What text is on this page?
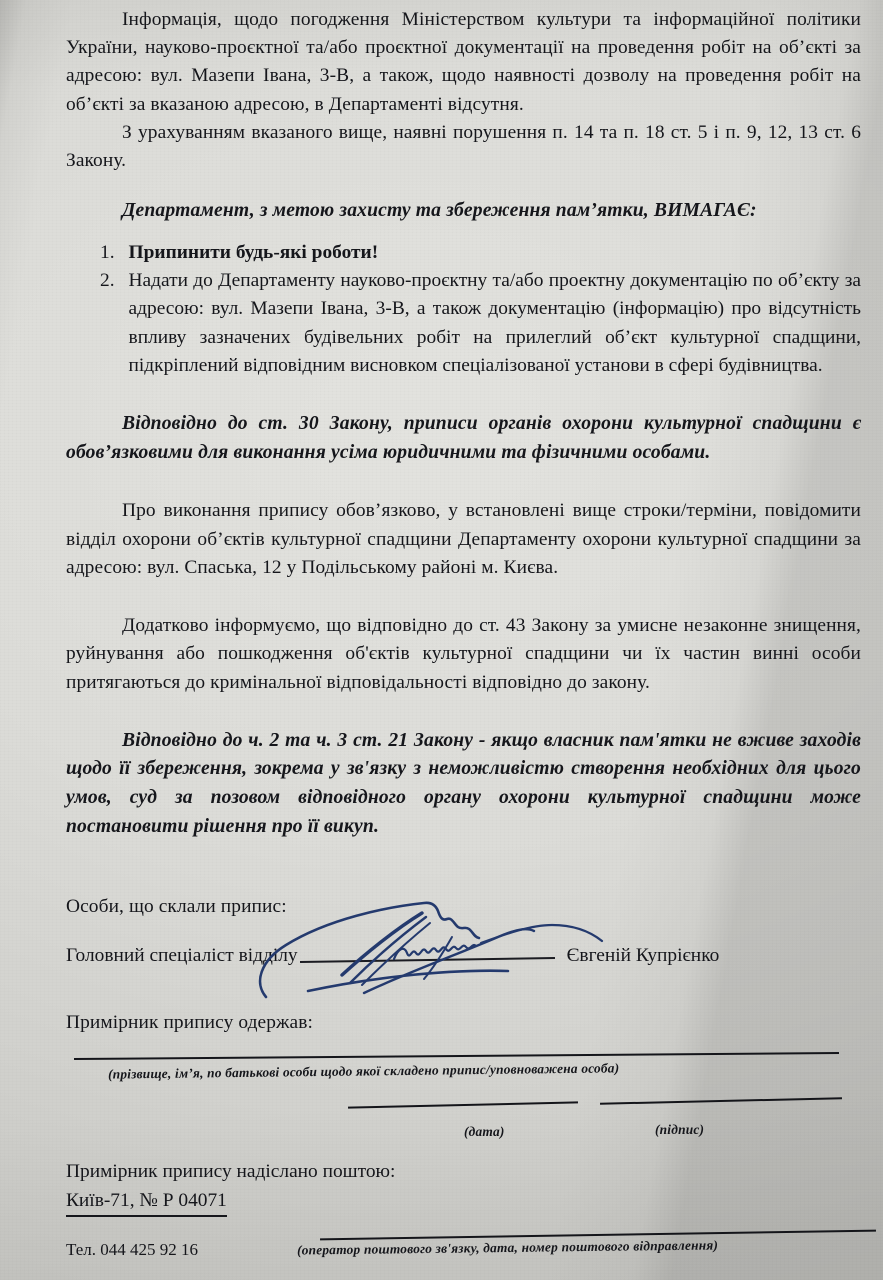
Інформація, щодо погодження Міністерством культури та інформаційної політики України, науково-проєктної та/або проєктної документації на проведення робіт на об’єкті за адресою: вул. Мазепи Івана, 3-В, а також, щодо наявності дозволу на проведення робіт на об’єкті за вказаною адресою, в Департаменті відсутня.

З урахуванням вказаного вище, наявні порушення п. 14 та п. 18 ст. 5 і п. 9, 12, 13 ст. 6 Закону.

Департамент, з метою захисту та збереження пам’ятки, ВИМАГАЄ:

1. Припинити будь-які роботи!
2. Надати до Департаменту науково-проєктну та/або проектну документацію по об’єкту за адресою: вул. Мазепи Івана, 3-В, а також документацію (інформацію) про відсутність впливу зазначених будівельних робіт на прилеглий об’єкт культурної спадщини, підкріплений відповідним висновком спеціалізованої установи в сфері будівництва.

Відповідно до ст. 30 Закону, приписи органів охорони культурної спадщини є обов’язковими для виконання усіма юридичними та фізичними особами.

Про виконання припису обов’язково, у встановлені вище строки/терміни, повідомити відділ охорони об’єктів культурної спадщини Департаменту охорони культурної спадщини за адресою: вул. Спаська, 12 у Подільському районі м. Києва.

Додатково інформуємо, що відповідно до ст. 43 Закону за умисне незаконне знищення, руйнування або пошкодження об'єктів культурної спадщини чи їх частин винні особи притягаються до кримінальної відповідальності відповідно до закону.

Відповідно до ч. 2 та ч. 3 ст. 21 Закону - якщо власник пам'ятки не вживе заходів щодо її збереження, зокрема у зв'язку з неможливістю створення необхідних для цього умов, суд за позовом відповідного органу охорони культурної спадщини може постановити рішення про її викуп.

Особи, що склали припис:

Головний спеціаліст відділу	Євгеній Купрієнко

Примірник припису одержав:

(прізвище, ім’я, по батькові особи щодо якої складено припис/уповноважена особа)
(дата)	(підпис)
Примірник припису надіслано поштою:
Київ-71, № Р 04071
(оператор поштового зв'язку, дата, номер поштового відправлення)
Тел. 044 425 92 16
